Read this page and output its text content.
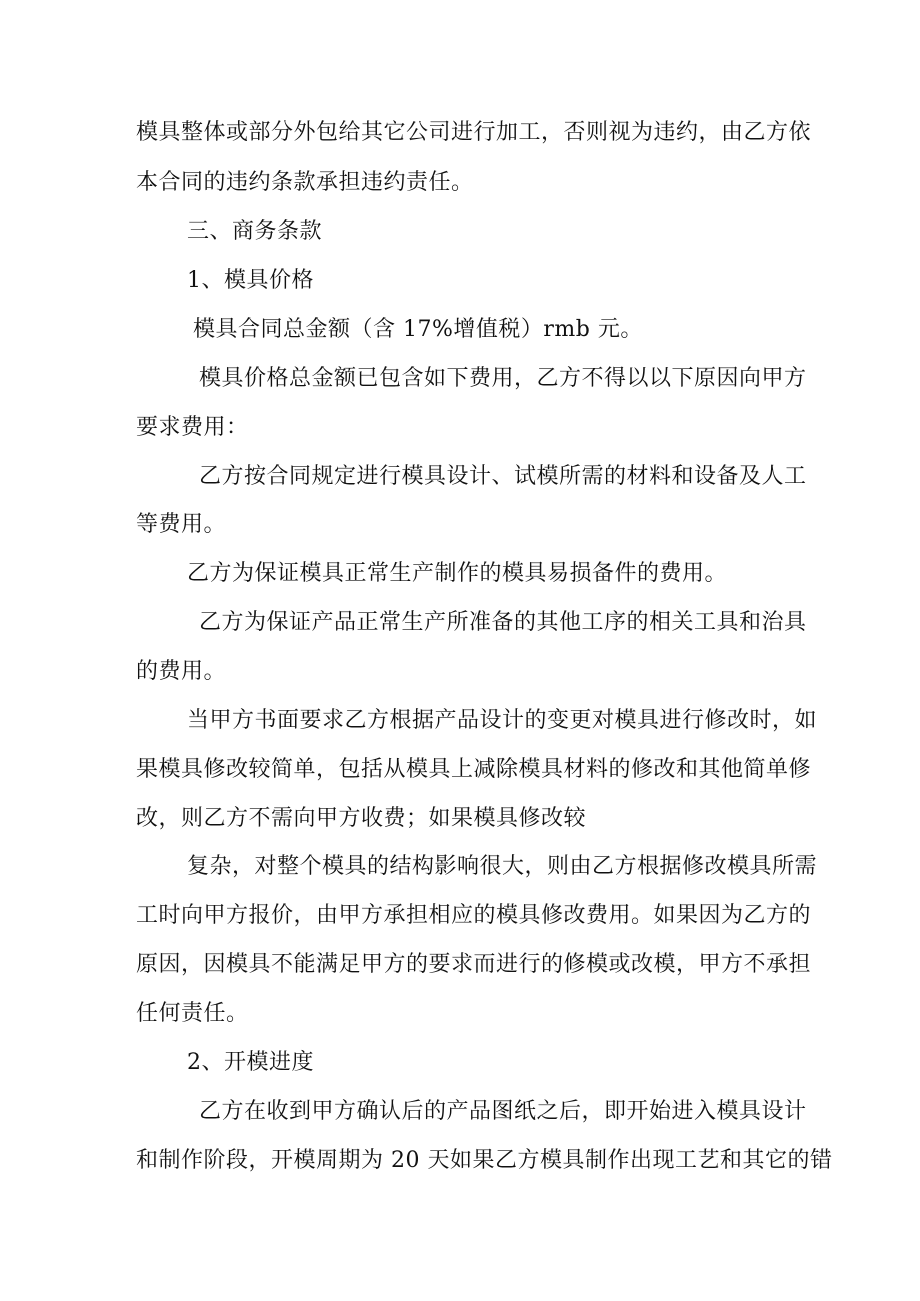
模具整体或部分外包给其它公司进行加工，否则视为违约，由乙方依
本合同的违约条款承担违约责任。
三、商务条款
1、模具价格
模具合同总金额（含 17%增值税）rmb 元。
模具价格总金额已包含如下费用，乙方不得以以下原因向甲方
要求费用：
乙方按合同规定进行模具设计、试模所需的材料和设备及人工
等费用。
乙方为保证模具正常生产制作的模具易损备件的费用。
乙方为保证产品正常生产所准备的其他工序的相关工具和治具
的费用。
当甲方书面要求乙方根据产品设计的变更对模具进行修改时，如
果模具修改较简单，包括从模具上减除模具材料的修改和其他简单修
改，则乙方不需向甲方收费；如果模具修改较
复杂，对整个模具的结构影响很大，则由乙方根据修改模具所需
工时向甲方报价，由甲方承担相应的模具修改费用。如果因为乙方的
原因，因模具不能满足甲方的要求而进行的修模或改模，甲方不承担
任何责任。
2、开模进度
乙方在收到甲方确认后的产品图纸之后，即开始进入模具设计
和制作阶段，开模周期为 20 天如果乙方模具制作出现工艺和其它的错
